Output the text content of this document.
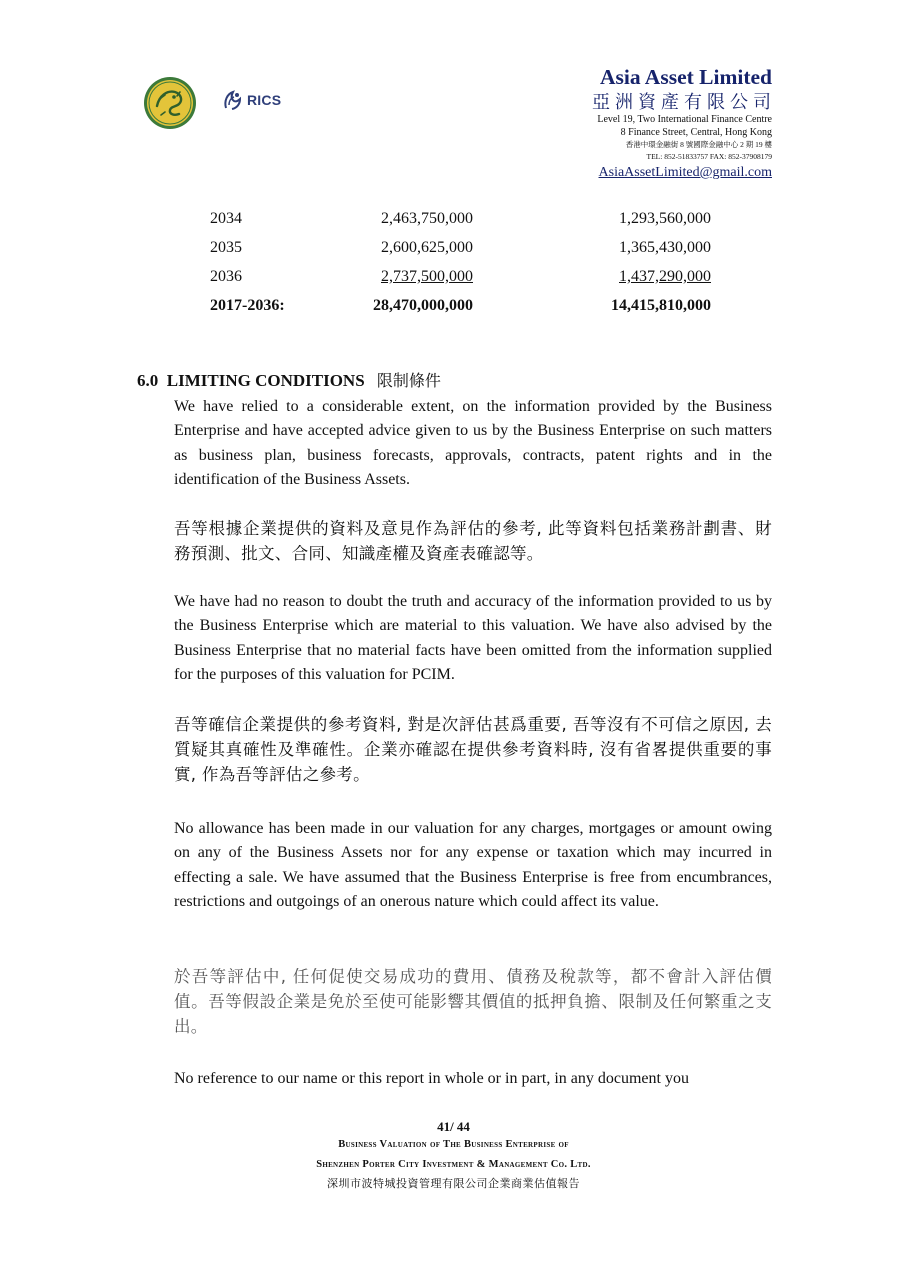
RICS
Asia Asset Limited
亞洲資產有限公司
Level 19, Two International Finance Centre
8 Finance Street, Central, Hong Kong
香港中環金融街 8 號國際金融中心 2 期 19 樓
TEL: 852-51833757 FAX: 852-37908179
AsiaAssetLimited@gmail.com
2034	2,463,750,000	1,293,560,000
2035	2,600,625,000	1,365,430,000
2036	2,737,500,000	1,437,290,000
2017-2036:	28,470,000,000	14,415,810,000
6.0 LIMITING CONDITIONS 限制條件
We have relied to a considerable extent, on the information provided by the Business Enterprise and have accepted advice given to us by the Business Enterprise on such matters as business plan, business forecasts, approvals, contracts, patent rights and in the identification of the Business Assets.
吾等根據企業提供的資料及意見作為評估的參考, 此等資料包括業務計劃書、財務預測、批文、合同、知識產權及資產表確認等。
We have had no reason to doubt the truth and accuracy of the information provided to us by the Business Enterprise which are material to this valuation. We have also advised by the Business Enterprise that no material facts have been omitted from the information supplied for the purposes of this valuation for PCIM.
吾等確信企業提供的參考資料, 對是次評估甚爲重要, 吾等沒有不可信之原因, 去質疑其真確性及準確性。企業亦確認在提供參考資料時, 沒有省畧提供重要的事實, 作為吾等評估之參考。
No allowance has been made in our valuation for any charges, mortgages or amount owing on any of the Business Assets nor for any expense or taxation which may incurred in effecting a sale. We have assumed that the Business Enterprise is free from encumbrances, restrictions and outgoings of an onerous nature which could affect its value.
於吾等評估中, 任何促使交易成功的費用、債務及稅款等，都不會計入評估價值。吾等假設企業是免於至使可能影響其價值的抵押負擔、限制及任何繁重之支出。
No reference to our name or this report in whole or in part, in any document you
41/ 44
Business Valuation of The Business Enterprise of
Shenzhen Porter City Investment & Management Co. Ltd.
深圳市波特城投資管理有限公司企業商業估值報告
